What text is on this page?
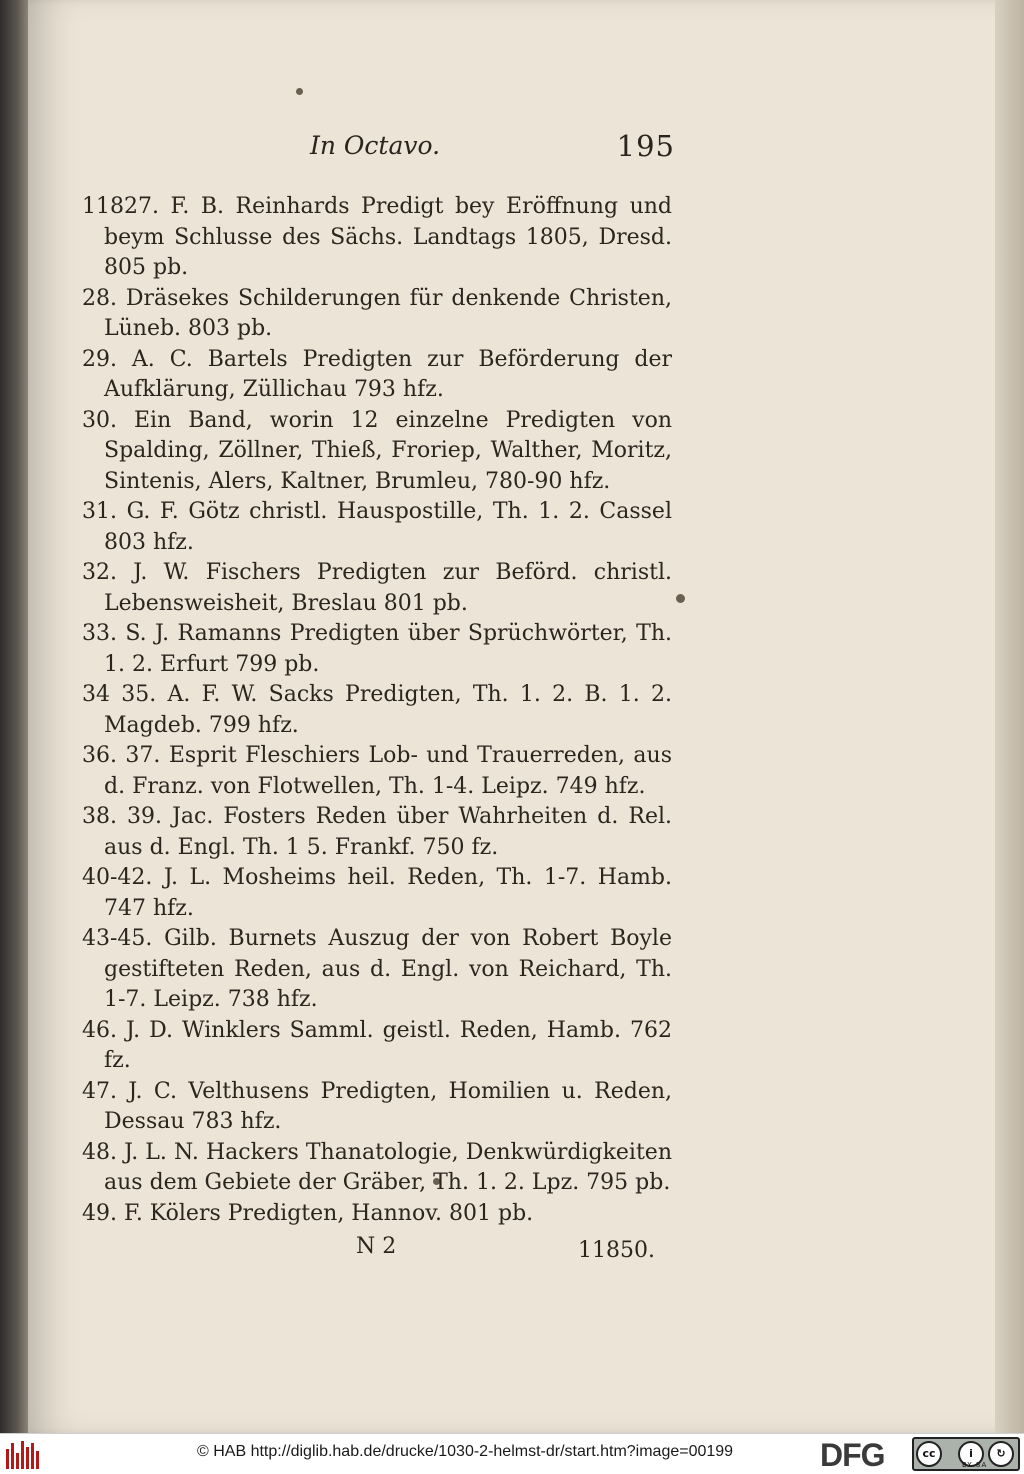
In Octavo.	195

11827. F. B. Reinhards Predigt bey Eröffnung und beym Schlusse des Sächs. Landtags 1805, Dresd. 805 pb.

28. Dräsekes Schilderungen für denkende Christen, Lüneb. 803 pb.

29. A. C. Bartels Predigten zur Beförderung der Aufklärung, Züllichau 793 hfz.

30. Ein Band, worin 12 einzelne Predigten von Spalding, Zöllner, Thieß, Froriep, Walther, Moritz, Sintenis, Alers, Kaltner, Brumleu, 780-90 hfz.

31. G. F. Götz christl. Hauspostille, Th. 1. 2. Cassel 803 hfz.

32. J. W. Fischers Predigten zur Beförd. christl. Lebensweisheit, Breslau 801 pb.

33. S. J. Ramanns Predigten über Sprüchwörter, Th. 1. 2. Erfurt 799 pb.

34 35. A. F. W. Sacks Predigten, Th. 1. 2. B. 1. 2. Magdeb. 799 hfz.

36. 37. Esprit Fleschiers Lob- und Trauerreden, aus d. Franz. von Flotwellen, Th. 1-4. Leipz. 749 hfz.

38. 39. Jac. Fosters Reden über Wahrheiten d. Rel. aus d. Engl. Th. 1 5. Frankf. 750 fz.

40-42. J. L. Mosheims heil. Reden, Th. 1-7. Hamb. 747 hfz.

43-45. Gilb. Burnets Auszug der von Robert Boyle gestifteten Reden, aus d. Engl. von Reichard, Th. 1-7. Leipz. 738 hfz.

46. J. D. Winklers Samml. geistl. Reden, Hamb. 762 fz.

47. J. C. Velthusens Predigten, Homilien u. Reden, Dessau 783 hfz.

48. J. L. N. Hackers Thanatologie, Denkwürdigkeiten aus dem Gebiete der Gräber, Th. 1. 2. Lpz. 795 pb.

49. F. Kölers Predigten, Hannov. 801 pb.

N 2	11850.
© HAB http://diglib.hab.de/drucke/1030-2-helmst-dr/start.htm?image=00199	DFG	cc	i	↻
BY SA
